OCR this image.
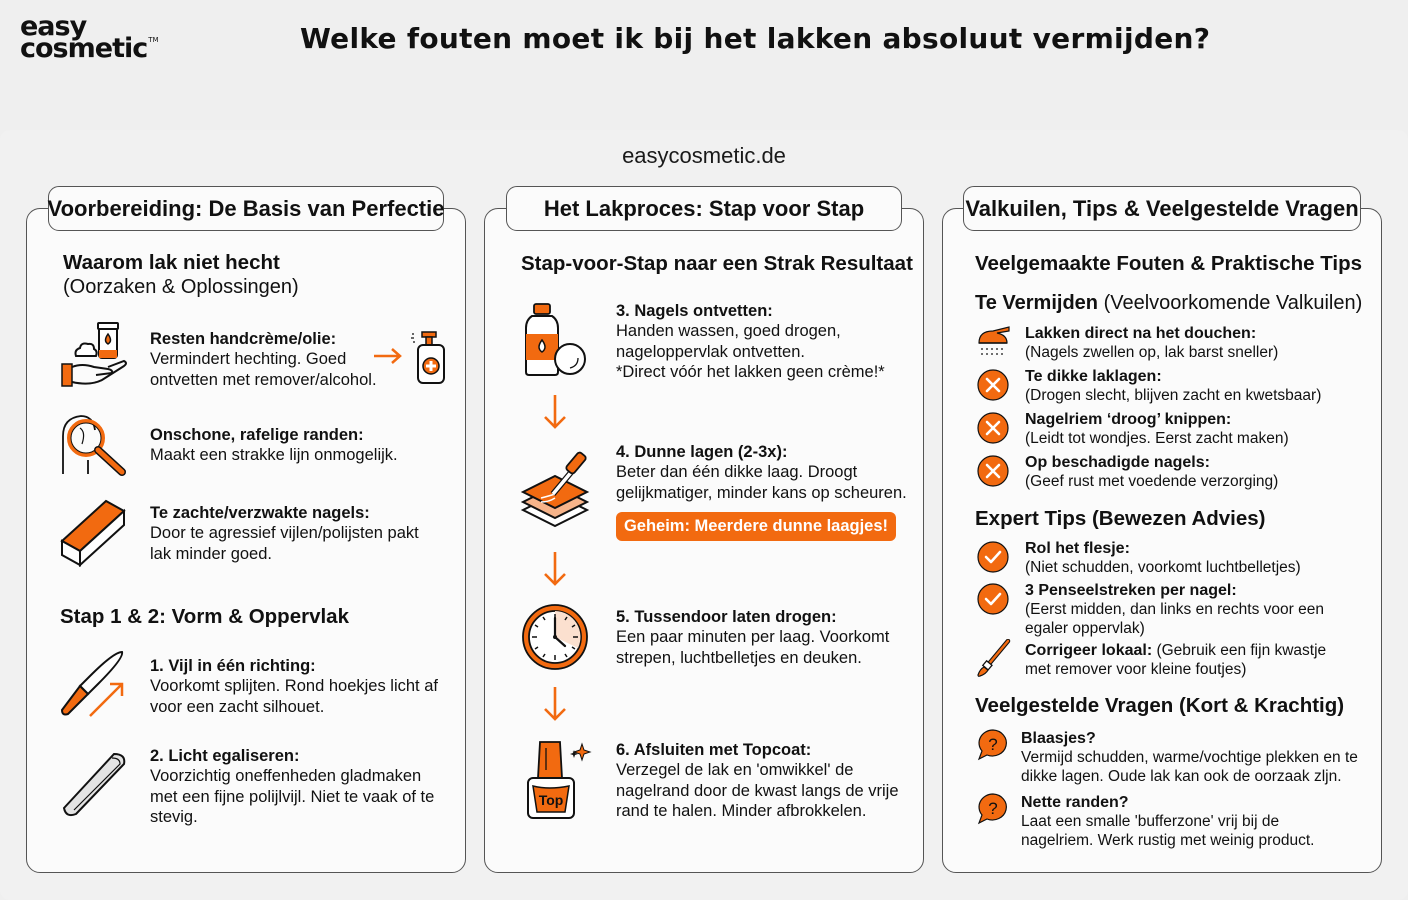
easy
cosmetic™	Welke fouten moet ik bij het lakken absoluut vermijden?
easycosmetic.de
Voorbereiding: De Basis van Perfectie	Het Lakproces: Stap voor Stap	Valkuilen, Tips & Veelgestelde Vragen
Waarom lak niet hecht
(Oorzaken & Oplossingen)
Resten handcrème/olie:
Vermindert hechting. Goed ontvetten met remover/alcohol.
Onschone, rafelige randen:
Maakt een strakke lijn onmogelijk.
Te zachte/verzwakte nagels:
Door te agressief vijlen/polijsten pakt lak minder goed.
Stap 1 & 2: Vorm & Oppervlak
1. Vijl in één richting:
Voorkomt splijten. Rond hoekjes licht af voor een zacht silhouet.
2. Licht egaliseren:
Voorzichtig oneffenheden gladmaken met een fijne polijlvijl. Niet te vaak of te stevig.
Stap-voor-Stap naar een Strak Resultaat
3. Nagels ontvetten:
Handen wassen, goed drogen, nageloppervlak ontvetten.
*Direct vóór het lakken geen crème!*
4. Dunne lagen (2-3x):
Beter dan één dikke laag. Droogt gelijkmatiger, minder kans op scheuren.
Geheim: Meerdere dunne laagjes!
5. Tussendoor laten drogen:
Een paar minuten per laag. Voorkomt strepen, luchtbelletjes en deuken.
Top
6. Afsluiten met Topcoat:
Verzegel de lak en 'omwikkel' de nagelrand door de kwast langs de vrije rand te halen. Minder afbrokkelen.
Veelgemaakte Fouten & Praktische Tips
Te Vermijden (Veelvoorkomende Valkuilen)
Lakken direct na het douchen:
(Nagels zwellen op, lak barst sneller)
Te dikke laklagen:
(Drogen slecht, blijven zacht en kwetsbaar)
Nagelriem ‘droog’ knippen:
(Leidt tot wondjes. Eerst zacht maken)
Op beschadigde nagels:
(Geef rust met voedende verzorging)
Expert Tips (Bewezen Advies)
Rol het flesje:
(Niet schudden, voorkomt luchtbelletjes)
3 Penseelstreken per nagel:
(Eerst midden, dan links en rechts voor een egaler oppervlak)
Corrigeer lokaal: (Gebruik een fijn kwastje met remover voor kleine foutjes)
Veelgestelde Vragen (Kort & Krachtig)
? Blaasjes?
Vermijd schudden, warme/vochtige plekken en te dikke lagen. Oude lak kan ook de oorzaak zljn.
? Nette randen?
Laat een smalle 'bufferzone' vrij bij de nagelriem. Werk rustig met weinig product.
